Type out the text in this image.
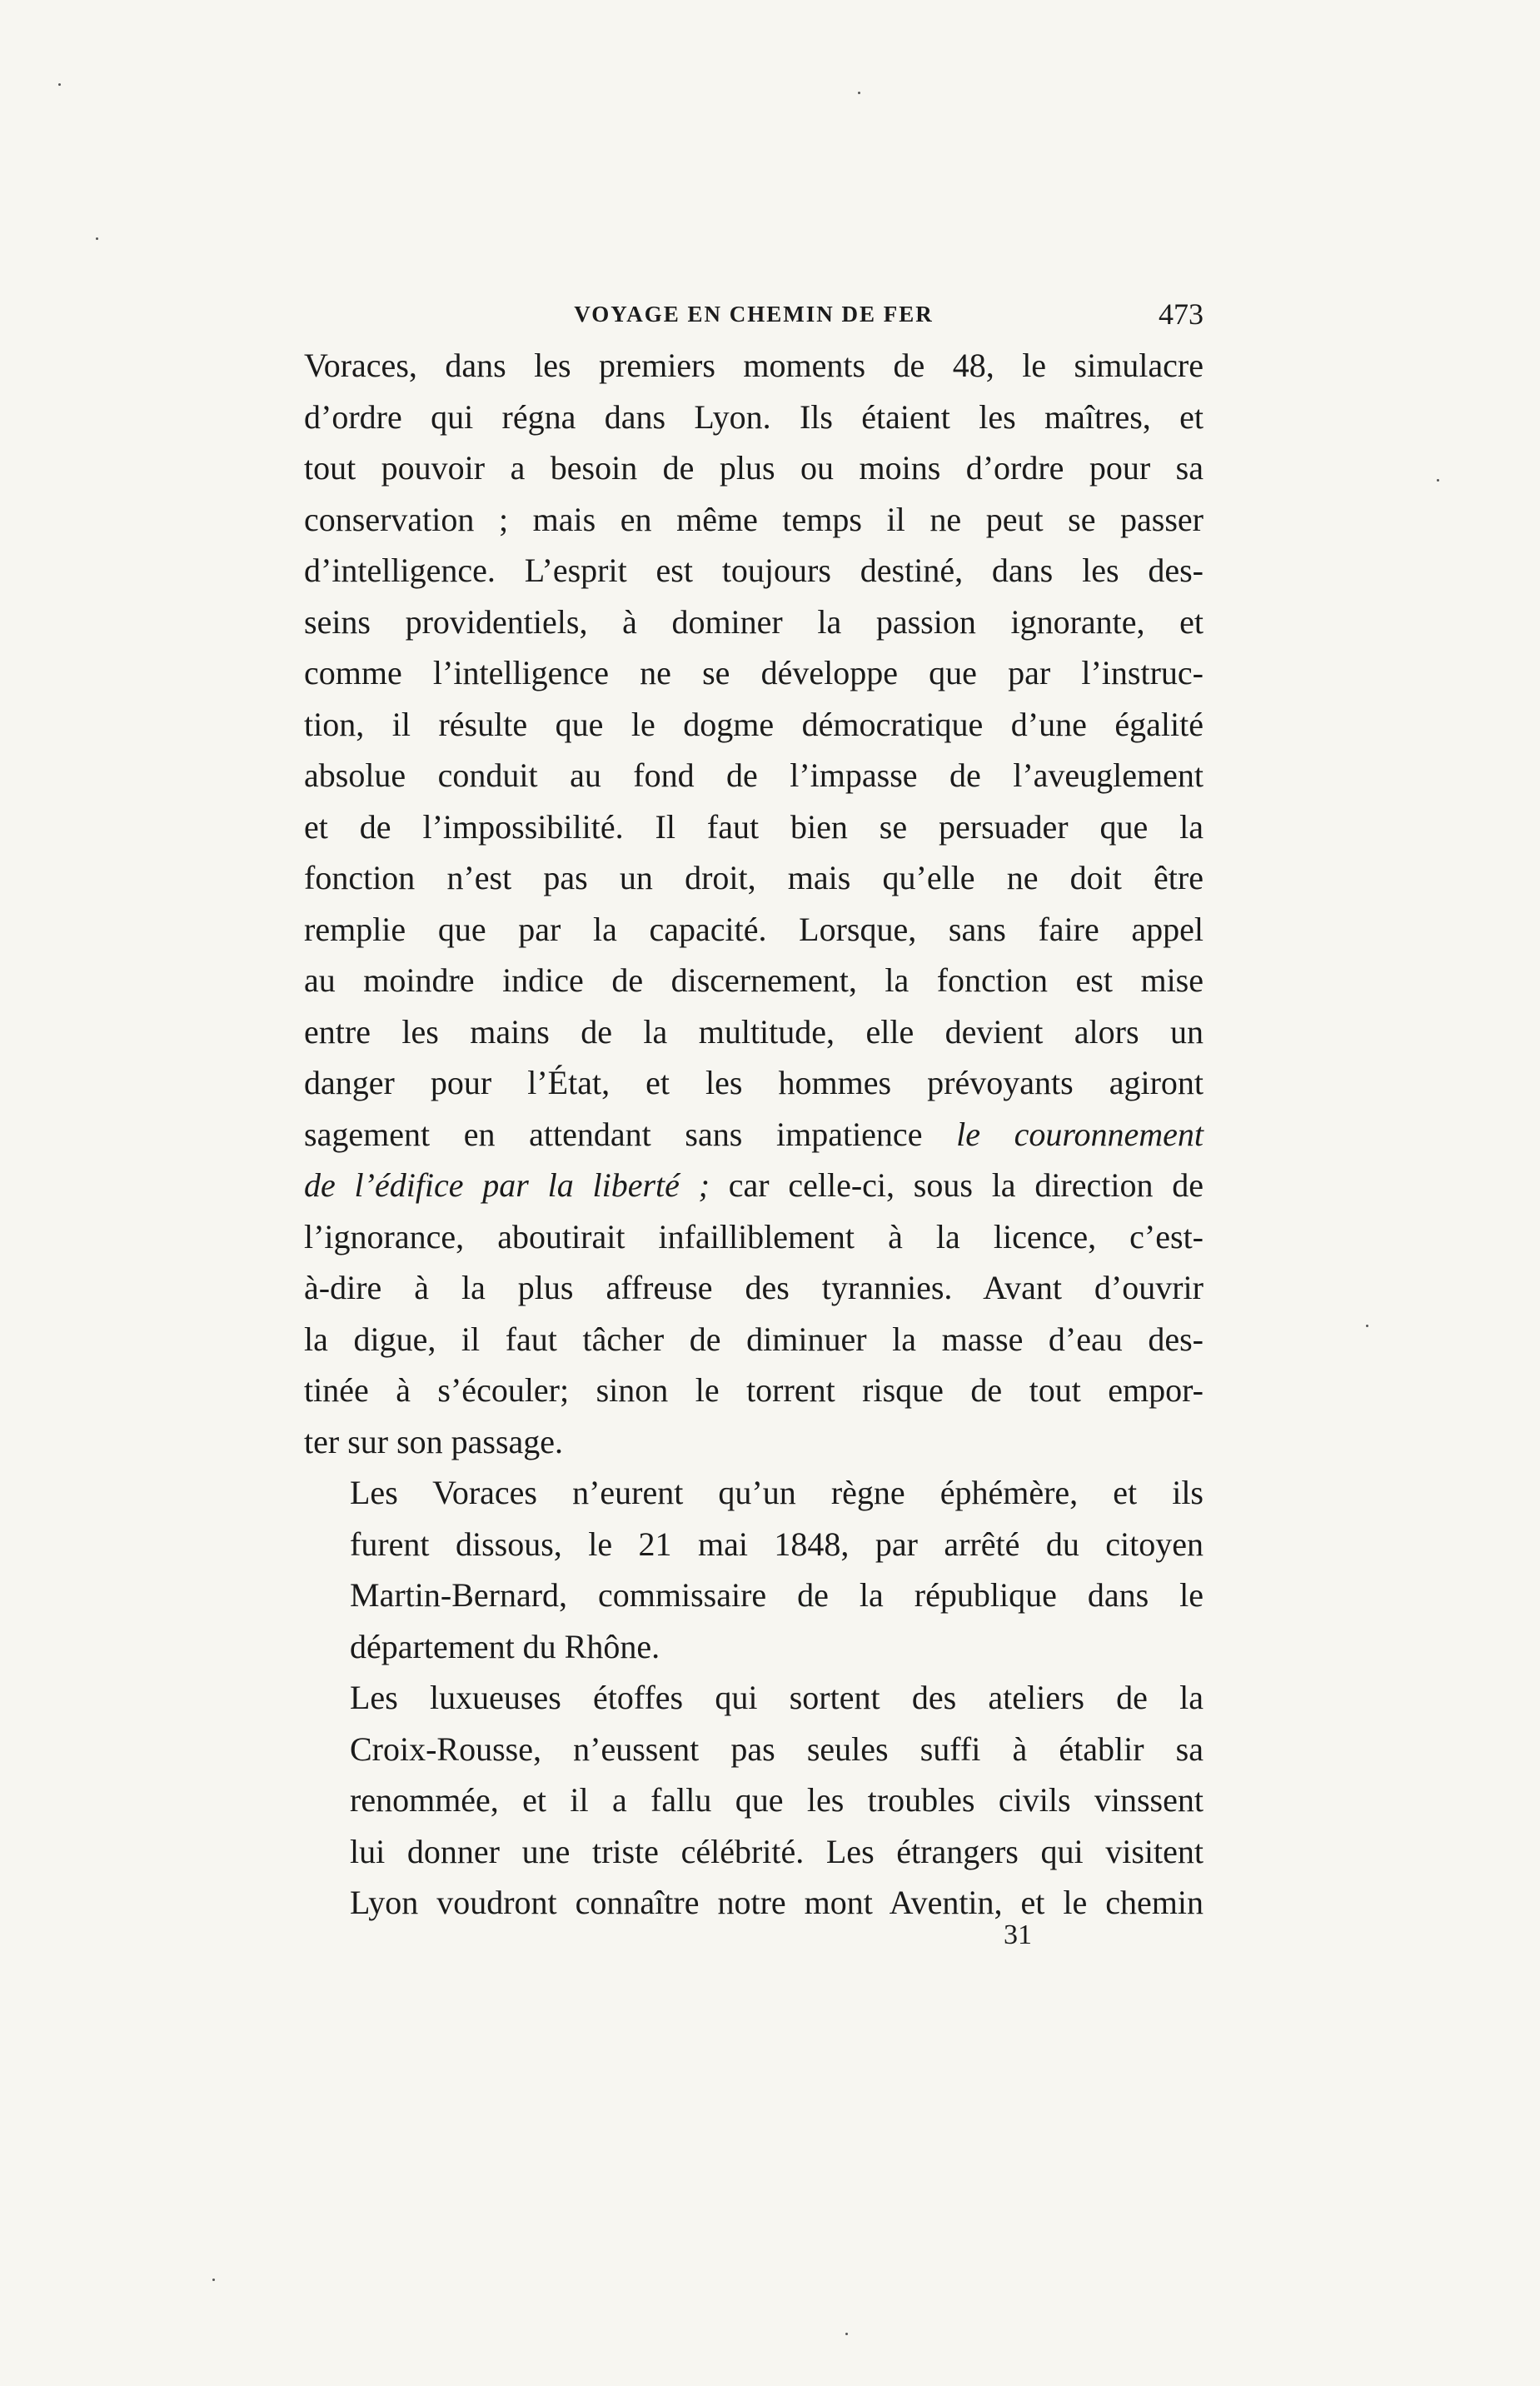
VOYAGE EN CHEMIN DE FER	473

Voraces, dans les premiers moments de 48, le simulacre
d’ordre qui régna dans Lyon. Ils étaient les maîtres, et
tout pouvoir a besoin de plus ou moins d’ordre pour sa
conservation ; mais en même temps il ne peut se passer
d’intelligence. L’esprit est toujours destiné, dans les des-
seins providentiels, à dominer la passion ignorante, et
comme l’intelligence ne se développe que par l’instruc-
tion, il résulte que le dogme démocratique d’une égalité
absolue conduit au fond de l’impasse de l’aveuglement
et de l’impossibilité. Il faut bien se persuader que la
fonction n’est pas un droit, mais qu’elle ne doit être
remplie que par la capacité. Lorsque, sans faire appel
au moindre indice de discernement, la fonction est mise
entre les mains de la multitude, elle devient alors un
danger pour l’État, et les hommes prévoyants agiront
sagement en attendant sans impatience le couronnement
de l’édifice par la liberté ; car celle-ci, sous la direction de
l’ignorance, aboutirait infailliblement à la licence, c’est-
à-dire à la plus affreuse des tyrannies. Avant d’ouvrir
la digue, il faut tâcher de diminuer la masse d’eau des-
tinée à s’écouler; sinon le torrent risque de tout empor-
ter sur son passage.

Les Voraces n’eurent qu’un règne éphémère, et ils
furent dissous, le 21 mai 1848, par arrêté du citoyen
Martin-Bernard, commissaire de la république dans le
département du Rhône.

Les luxueuses étoffes qui sortent des ateliers de la
Croix-Rousse, n’eussent pas seules suffi à établir sa
renommée, et il a fallu que les troubles civils vinssent
lui donner une triste célébrité. Les étrangers qui visitent
Lyon voudront connaître notre mont Aventin, et le chemin

31
